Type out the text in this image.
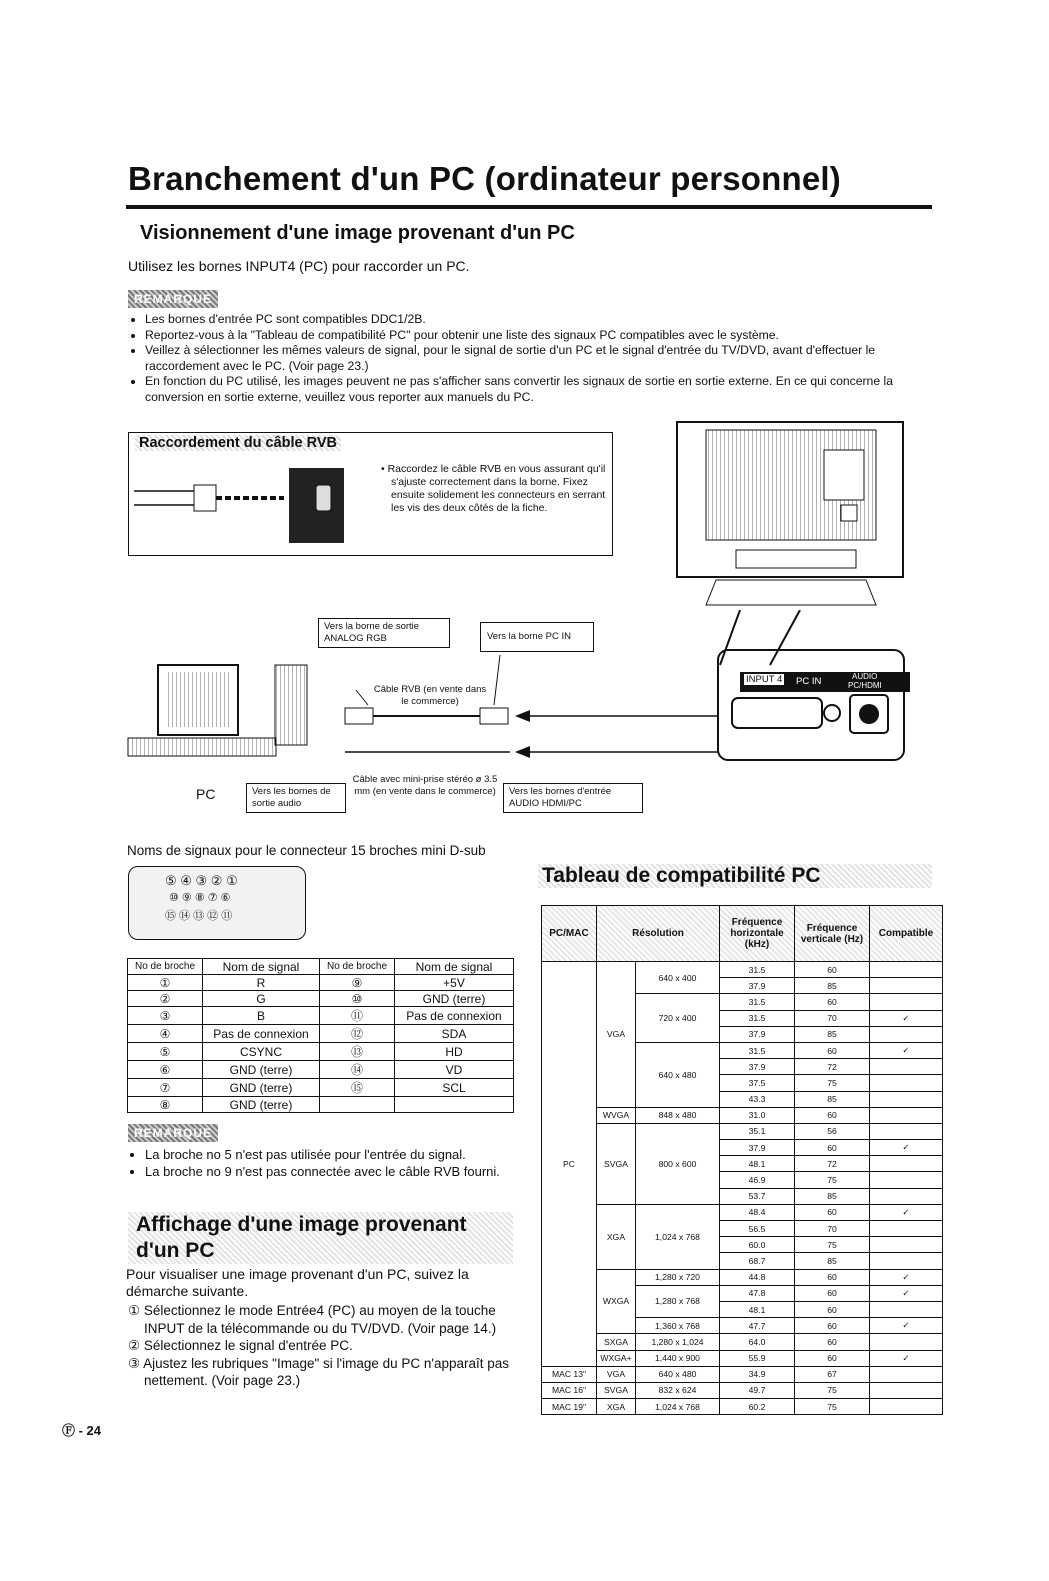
Branchement d'un PC (ordinateur personnel)
Visionnement d'une image provenant d'un PC
Utilisez les bornes INPUT4 (PC) pour raccorder un PC.
REMARQUE
• Les bornes d'entrée PC sont compatibles DDC1/2B.
• Reportez-vous à la "Tableau de compatibilité PC" pour obtenir une liste des signaux PC compatibles avec le système.
• Veillez à sélectionner les mêmes valeurs de signal, pour le signal de sortie d'un PC et le signal d'entrée du TV/DVD, avant d'effectuer le raccordement avec le PC. (Voir page 23.)
• En fonction du PC utilisé, les images peuvent ne pas s'afficher sans convertir les signaux de sortie en sortie externe. En ce qui concerne la conversion en sortie externe, veuillez vous reporter aux manuels du PC.
Raccordement du câble RVB
• Raccordez le câble RVB en vous assurant qu'il s'ajuste correctement dans la borne. Fixez ensuite solidement les connecteurs en serrant les vis des deux côtés de la fiche.
INPUT 4 PC IN	AUDIO
PC/HDMI
Vers la borne de sortie ANALOG RGB	Vers la borne PC IN
Câble RVB (en vente dans le commerce)
PC	Vers les bornes de sortie audio
Câble avec mini-prise stéréo ø 3.5 mm (en vente dans le commerce)	Vers les bornes d'entrée AUDIO HDMI/PC
Noms de signaux pour le connecteur 15 broches mini D-sub
⑤ ④ ③ ② ①
⑩ ⑨ ⑧ ⑦ ⑥
⑮ ⑭ ⑬ ⑫ ⑪
No de broche	Nom de signal	No de broche	Nom de signal
①	R	⑨	+5V
②	G	⑩	GND (terre)
③	B	⑪	Pas de connexion
④	Pas de connexion	⑫	SDA
⑤	CSYNC	⑬	HD
⑥	GND (terre)	⑭	VD
⑦	GND (terre)	⑮	SCL
⑧	GND (terre)		
REMARQUE
• La broche no 5 n'est pas utilisée pour l'entrée du signal.
• La broche no 9 n'est pas connectée avec le câble RVB fourni.
Affichage d'une image provenant
d'un PC
Pour visualiser une image provenant d'un PC, suivez la démarche suivante.
① Sélectionnez le mode Entrée4 (PC) au moyen de la touche INPUT de la télécommande ou du TV/DVD. (Voir page 14.)
② Sélectionnez le signal d'entrée PC.
③ Ajustez les rubriques "Image" si l'image du PC n'apparaît pas nettement. (Voir page 23.)
Tableau de compatibilité PC
PC/MAC	Résolution		Fréquence horizontale (kHz)	Fréquence verticale (Hz)	Compatible
PC	VGA	640 x 400	31.5	60	
			37.9	85	
		720 x 400	31.5	60	
			31.5	70	✓
			37.9	85	
		640 x 480	31.5	60	✓
			37.9	72	
			37.5	75	
			43.3	85	
	WVGA	848 x 480	31.0	60	
	SVGA	800 x 600	35.1	56	
			37.9	60	✓
			48.1	72	
			46.9	75	
			53.7	85	
	XGA	1,024 x 768	48.4	60	✓
			56.5	70	
			60.0	75	
			68.7	85	
	WXGA	1,280 x 720	44.8	60	✓
		1,280 x 768	47.8	60	✓
			48.1	60	
		1,360 x 768	47.7	60	✓
	SXGA	1,280 x 1,024	64.0	60	
	WXGA+	1,440 x 900	55.9	60	✓
MAC 13"	VGA	640 x 480	34.9	67	
MAC 16"	SVGA	832 x 624	49.7	75	
MAC 19"	XGA	1,024 x 768	60.2	75	
Ⓕ - 24
